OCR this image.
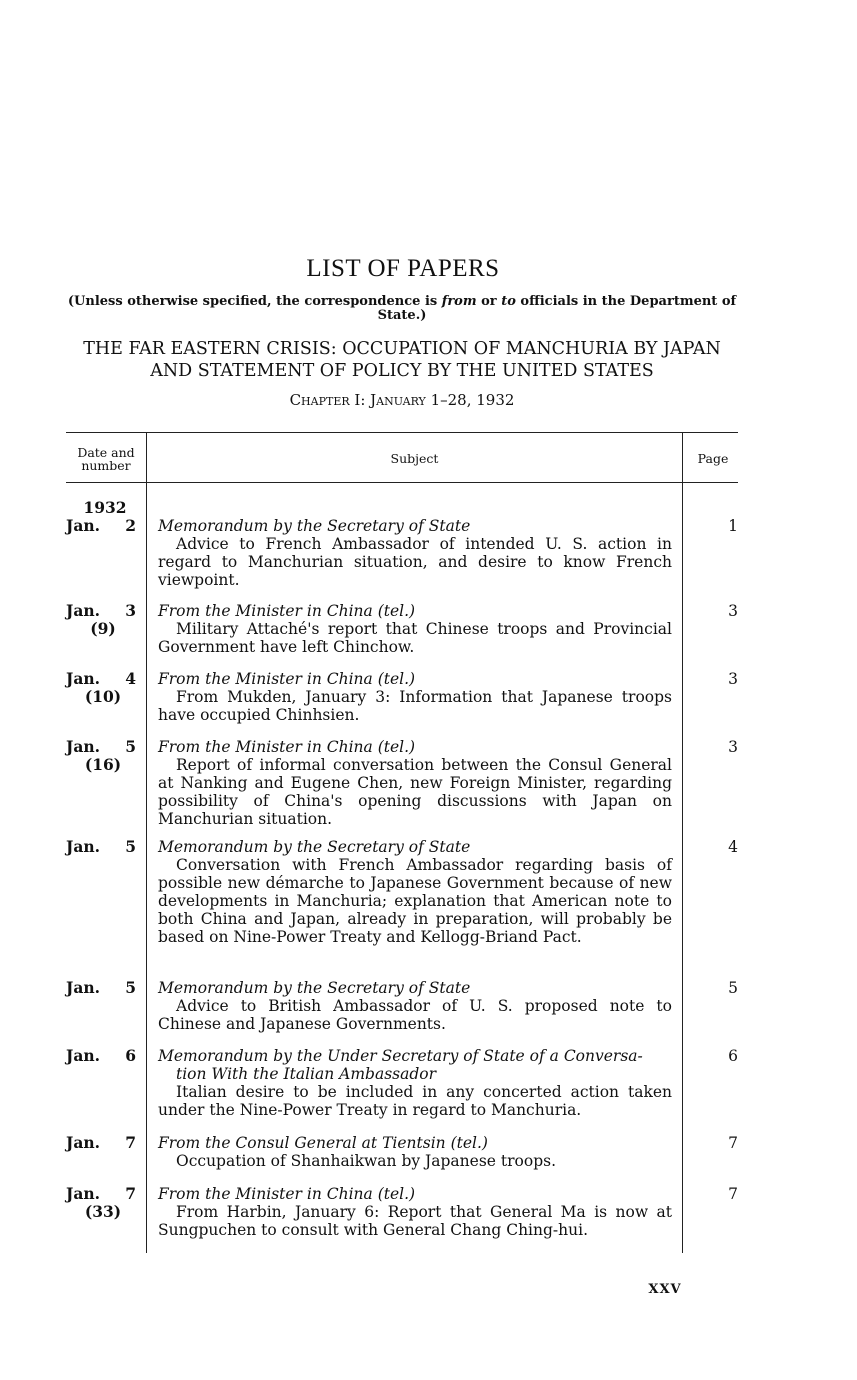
LIST OF PAPERS
(Unless otherwise specified, the correspondence is from or to officials in the Department of State.)
THE FAR EASTERN CRISIS: OCCUPATION OF MANCHURIA BY JAPAN
AND STATEMENT OF POLICY BY THE UNITED STATES
Chapter I: January 1–28, 1932
Date and
number	Subject	Page
1932
Jan. 2 Memorandum by the Secretary of State
Advice to French Ambassador of intended U. S. action in regard to Manchurian situation, and desire to know French viewpoint.
1
Jan. 3
(9)
From the Minister in China (tel.)
Military Attaché's report that Chinese troops and Provincial Government have left Chinchow.
3
Jan. 4
(10)
From the Minister in China (tel.)
From Mukden, January 3: Information that Japanese troops have occupied Chinhsien.
3
Jan. 5
(16)
From the Minister in China (tel.)
Report of informal conversation between the Consul General at Nanking and Eugene Chen, new Foreign Minister, regarding possibility of China's opening discussions with Japan on Manchurian situation.
3
Jan. 5 Memorandum by the Secretary of State
Conversation with French Ambassador regarding basis of possible new démarche to Japanese Government because of new developments in Manchuria; explanation that American note to both China and Japan, already in preparation, will probably be based on Nine-Power Treaty and Kellogg-Briand Pact.
4
Jan. 5 Memorandum by the Secretary of State
Advice to British Ambassador of U. S. proposed note to Chinese and Japanese Governments.
5
Jan. 6 Memorandum by the Under Secretary of State of a Conversa-
tion With the Italian Ambassador
Italian desire to be included in any concerted action taken under the Nine-Power Treaty in regard to Manchuria.
6
Jan. 7 From the Consul General at Tientsin (tel.)
Occupation of Shanhaikwan by Japanese troops.
7
Jan. 7
(33)
From the Minister in China (tel.)
From Harbin, January 6: Report that General Ma is now at Sungpuchen to consult with General Chang Ching-hui.
7
XXV
